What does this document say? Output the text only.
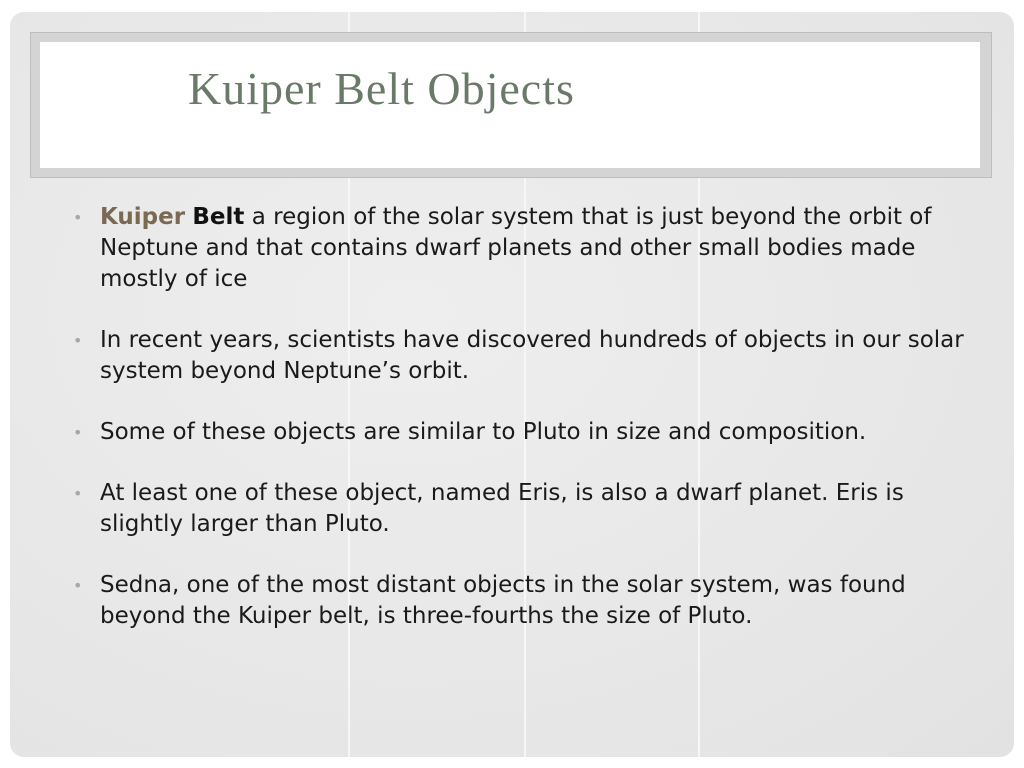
Kuiper Belt Objects
• Kuiper Belt a region of the solar system that is just beyond the orbit of Neptune and that contains dwarf planets and other small bodies made mostly of ice
• In recent years, scientists have discovered hundreds of objects in our solar system beyond Neptune’s orbit.
• Some of these objects are similar to Pluto in size and composition.
• At least one of these object, named Eris, is also a dwarf planet. Eris is slightly larger than Pluto.
• Sedna, one of the most distant objects in the solar system, was found beyond the Kuiper belt, is three-fourths the size of Pluto.
